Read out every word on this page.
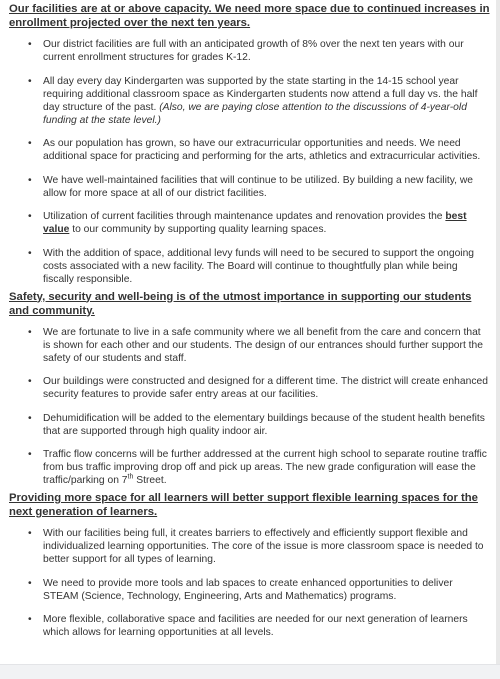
Our facilities are at or above capacity. We need more space due to continued increases in enrollment projected over the next ten years.
• Our district facilities are full with an anticipated growth of 8% over the next ten years with our current enrollment structures for grades K-12.

• All day every day Kindergarten was supported by the state starting in the 14-15 school year requiring additional classroom space as Kindergarten students now attend a full day vs. the half day structure of the past. (Also, we are paying close attention to the discussions of 4-year-old funding at the state level.)

• As our population has grown, so have our extracurricular opportunities and needs. We need additional space for practicing and performing for the arts, athletics and extracurricular activities.

• We have well-maintained facilities that will continue to be utilized. By building a new facility, we allow for more space at all of our district facilities.

• Utilization of current facilities through maintenance updates and renovation provides the best value to our community by supporting quality learning spaces.

• With the addition of space, additional levy funds will need to be secured to support the ongoing costs associated with a new facility. The Board will continue to thoughtfully plan while being fiscally responsible.

Safety, security and well-being is of the utmost importance in supporting our students and community.
• We are fortunate to live in a safe community where we all benefit from the care and concern that is shown for each other and our students. The design of our entrances should further support the safety of our students and staff.

• Our buildings were constructed and designed for a different time. The district will create enhanced security features to provide safer entry areas at our facilities.

• Dehumidification will be added to the elementary buildings because of the student health benefits that are supported through high quality indoor air.

• Traffic flow concerns will be further addressed at the current high school to separate routine traffic from bus traffic improving drop off and pick up areas. The new grade configuration will ease the traffic/parking on 7th Street.

Providing more space for all learners will better support flexible learning spaces for the next generation of learners.
• With our facilities being full, it creates barriers to effectively and efficiently support flexible and individualized learning opportunities. The core of the issue is more classroom space is needed to better support for all types of learning.

• We need to provide more tools and lab spaces to create enhanced opportunities to deliver STEAM (Science, Technology, Engineering, Arts and Mathematics) programs.

• More flexible, collaborative space and facilities are needed for our next generation of learners which allows for learning opportunities at all levels.
